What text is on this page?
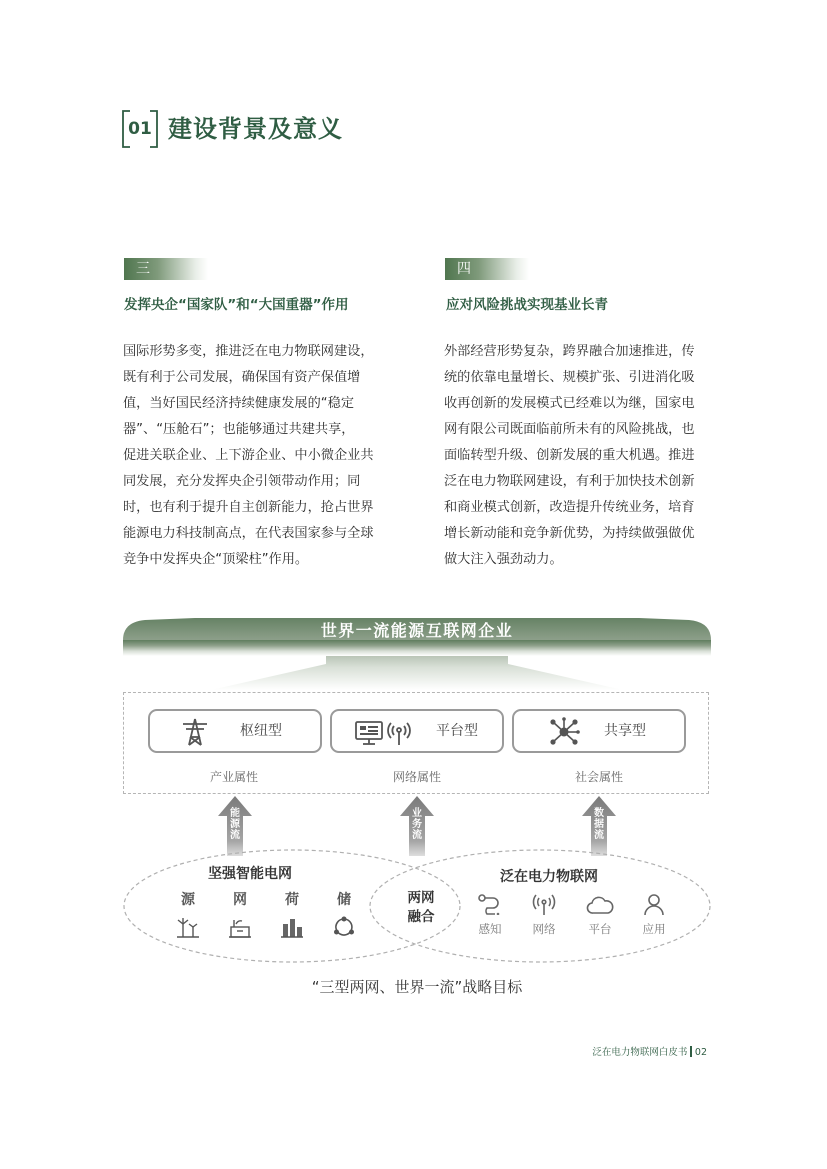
01 建设背景及意义
三
发挥央企“国家队”和“大国重器”作用
国际形势多变，推进泛在电力物联网建设，
既有利于公司发展，确保国有资产保值增
值，当好国民经济持续健康发展的“稳定
器”、“压舱石”；也能够通过共建共享，
促进关联企业、上下游企业、中小微企业共
同发展，充分发挥央企引领带动作用；同
时，也有利于提升自主创新能力，抢占世界
能源电力科技制高点，在代表国家参与全球
竞争中发挥央企“顶梁柱”作用。
四
应对风险挑战实现基业长青
外部经营形势复杂，跨界融合加速推进，传
统的依靠电量增长、规模扩张、引进消化吸
收再创新的发展模式已经难以为继，国家电
网有限公司既面临前所未有的风险挑战，也
面临转型升级、创新发展的重大机遇。推进
泛在电力物联网建设，有利于加快技术创新
和商业模式创新，改造提升传统业务，培育
增长新动能和竞争新优势，为持续做强做优
做大注入强劲动力。
世界一流能源互联网企业
枢纽型	平台型	共享型
产业属性	网络属性	社会属性
能源流
业务流
数据流
坚强智能电网	泛在电力物联网
源	网	荷	储	两网
融合
感知	网络	平台	应用
“三型两网、世界一流”战略目标
泛在电力物联网白皮书 02
